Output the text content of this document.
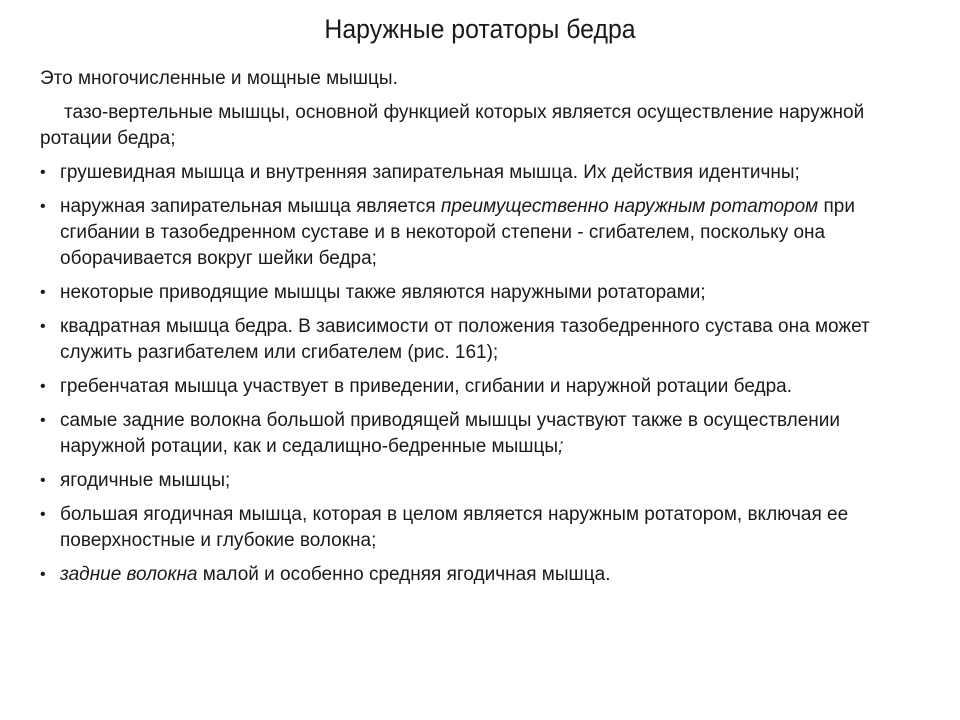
Наружные ротаторы бедра

Это многочисленные и мощные мышцы.

тазо-вертельные мышцы, основной функцией которых является осуществление наружной ротации бедра;

• грушевидная мышца и внутренняя запирательная мышца. Их действия идентичны;
• наружная запирательная мышца является преимущественно наружным ротатором при сгибании в тазобедренном суставе и в некоторой степени - сгибателем, поскольку она оборачивается вокруг шейки бедра;
• некоторые приводящие мышцы также являются наружными ротаторами;
• квадратная мышца бедра. В зависимости от положения тазобедренного сустава она может служить разгибателем или сгибателем (рис. 161);
• гребенчатая мышца участвует в приведении, сгибании и наружной ротации бедра.
• самые задние волокна большой приводящей мышцы участвуют также в осуществлении наружной ротации, как и седалищно-бедренные мышцы;
• ягодичные мышцы;
• большая ягодичная мышца, которая в целом является наружным ротатором, включая ее поверхностные и глубокие волокна;
• задние волокна малой и особенно средняя ягодичная мышца.
